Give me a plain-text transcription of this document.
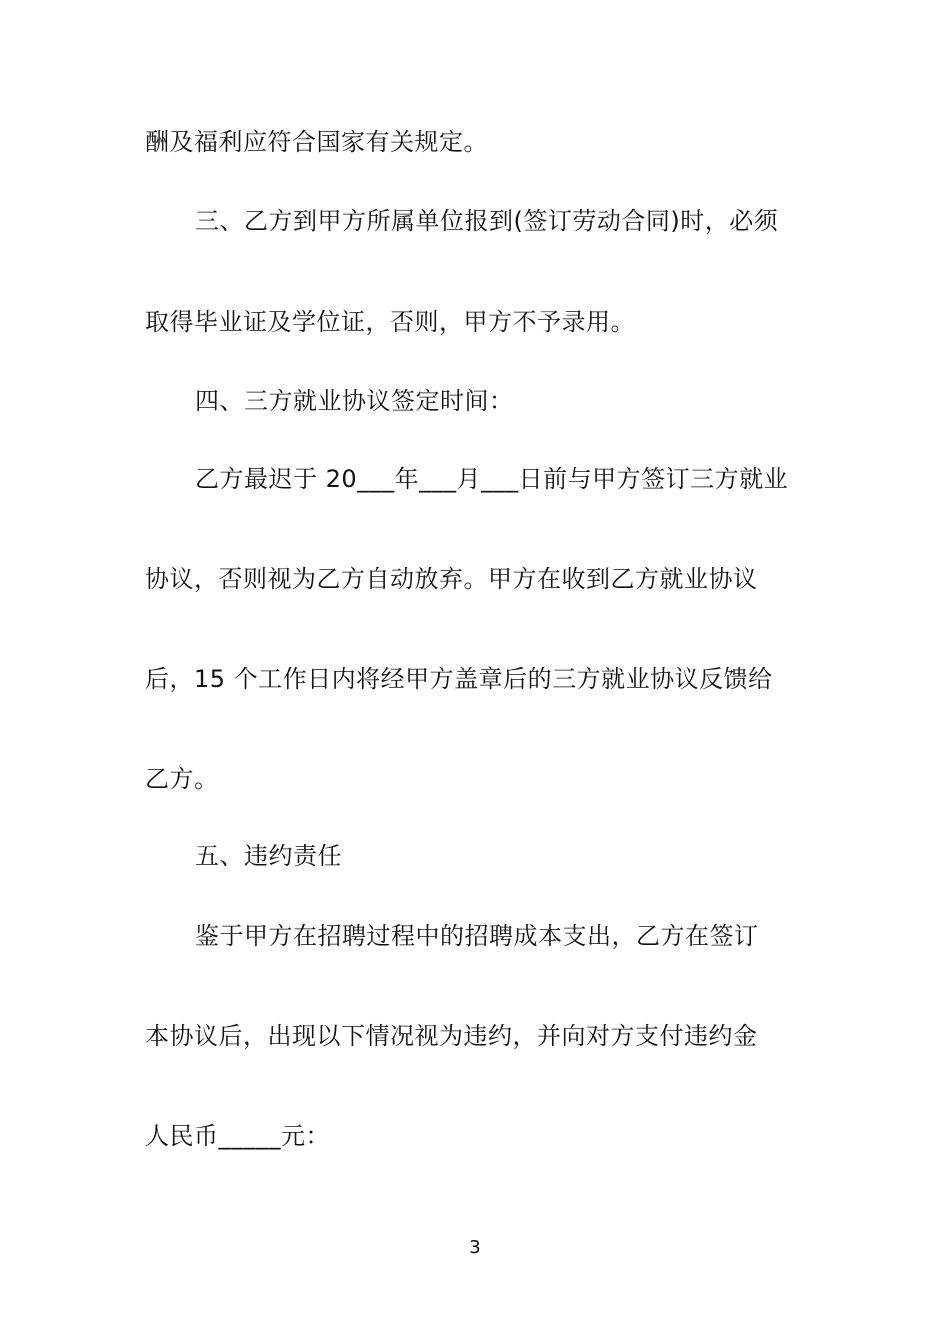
酬及福利应符合国家有关规定。
三、乙方到甲方所属单位报到(签订劳动合同)时，必须
取得毕业证及学位证，否则，甲方不予录用。
四、三方就业协议签定时间：
乙方最迟于 20___年___月___日前与甲方签订三方就业
协议，否则视为乙方自动放弃。甲方在收到乙方就业协议
后，15 个工作日内将经甲方盖章后的三方就业协议反馈给
乙方。
五、违约责任
鉴于甲方在招聘过程中的招聘成本支出，乙方在签订
本协议后，出现以下情况视为违约，并向对方支付违约金
人民币_____元：
3
